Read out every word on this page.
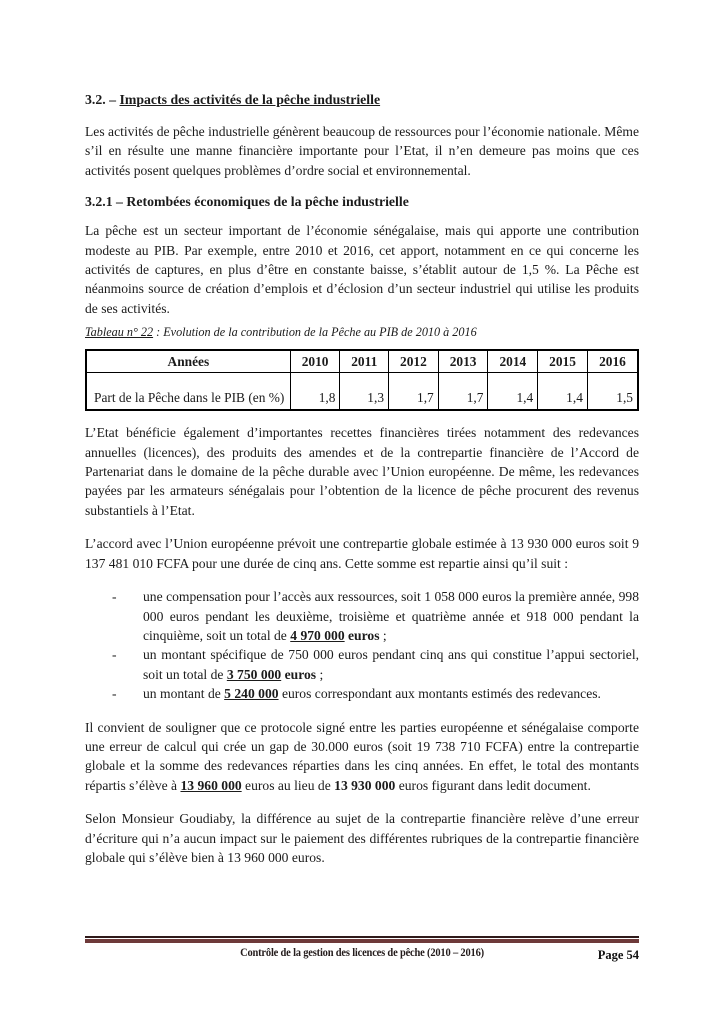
3.2. – Impacts des activités de la pêche industrielle

Les activités de pêche industrielle génèrent beaucoup de ressources pour l’économie nationale. Même s’il en résulte une manne financière importante pour l’Etat, il n’en demeure pas moins que ces activités posent quelques problèmes d’ordre social et environnemental.

3.2.1 – Retombées économiques de la pêche industrielle

La pêche est un secteur important de l’économie sénégalaise, mais qui apporte une contribution modeste au PIB. Par exemple, entre 2010 et 2016, cet apport, notamment en ce qui concerne les activités de captures, en plus d’être en constante baisse, s’établit autour de 1,5 %. La Pêche est néanmoins source de création d’emplois et d’éclosion d’un secteur industriel qui utilise les produits de ses activités.

Tableau n° 22 : Evolution de la contribution de la Pêche au PIB de 2010 à 2016
Années	2010	2011	2012	2013	2014	2015	2016
Part de la Pêche dans le PIB (en %)	1,8	1,3	1,7	1,7	1,4	1,4	1,5

L’Etat bénéficie également d’importantes recettes financières tirées notamment des redevances annuelles (licences), des produits des amendes et de la contrepartie financière de l’Accord de Partenariat dans le domaine de la pêche durable avec l’Union européenne. De même, les redevances payées par les armateurs sénégalais pour l’obtention de la licence de pêche procurent des revenus substantiels à l’Etat.

L’accord avec l’Union européenne prévoit une contrepartie globale estimée à 13 930 000 euros soit 9 137 481 010 FCFA pour une durée de cinq ans. Cette somme est repartie ainsi qu’il suit :

-	une compensation pour l’accès aux ressources, soit 1 058 000 euros la première année, 998 000 euros pendant les deuxième, troisième et quatrième année et 918 000 pendant la cinquième, soit un total de 4 970 000 euros ;
-	un montant spécifique de 750 000 euros pendant cinq ans qui constitue l’appui sectoriel, soit un total de 3 750 000 euros ;
-	un montant de 5 240 000 euros correspondant aux montants estimés des redevances.

Il convient de souligner que ce protocole signé entre les parties européenne et sénégalaise comporte une erreur de calcul qui crée un gap de 30.000 euros (soit 19 738 710 FCFA) entre la contrepartie globale et la somme des redevances réparties dans les cinq années. En effet, le total des montants répartis s’élève à 13 960 000 euros au lieu de 13 930 000 euros figurant dans ledit document.

Selon Monsieur Goudiaby, la différence au sujet de la contrepartie financière relève d’une erreur d’écriture qui n’a aucun impact sur le paiement des différentes rubriques de la contrepartie financière globale qui s’élève bien à 13 960 000 euros.

Contrôle de la gestion des licences de pêche (2010 – 2016)	Page 54
